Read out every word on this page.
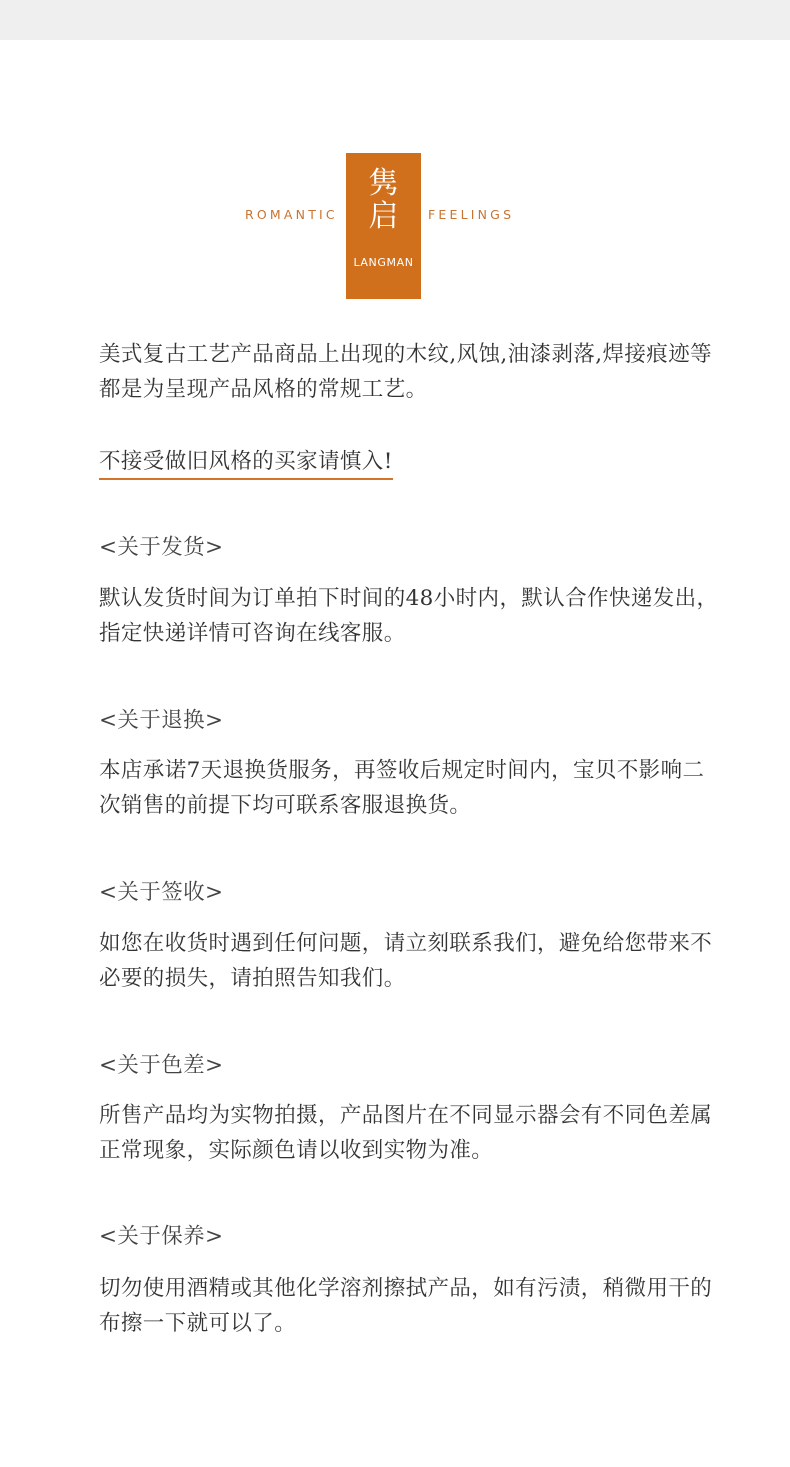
ROMANTIC
隽
启
LANGMAN
FEELINGS

美式复古工艺产品商品上出现的木纹,风蚀,油漆剥落,焊接痕迹等都是为呈现产品风格的常规工艺。

不接受做旧风格的买家请慎入!

<关于发货>

默认发货时间为订单拍下时间的48小时内，默认合作快递发出，指定快递详情可咨询在线客服。

<关于退换>

本店承诺7天退换货服务，再签收后规定时间内，宝贝不影响二次销售的前提下均可联系客服退换货。

<关于签收>

如您在收货时遇到任何问题，请立刻联系我们，避免给您带来不必要的损失，请拍照告知我们。

<关于色差>

所售产品均为实物拍摄，产品图片在不同显示器会有不同色差属正常现象，实际颜色请以收到实物为准。

<关于保养>

切勿使用酒精或其他化学溶剂擦拭产品，如有污渍，稍微用干的布擦一下就可以了。
